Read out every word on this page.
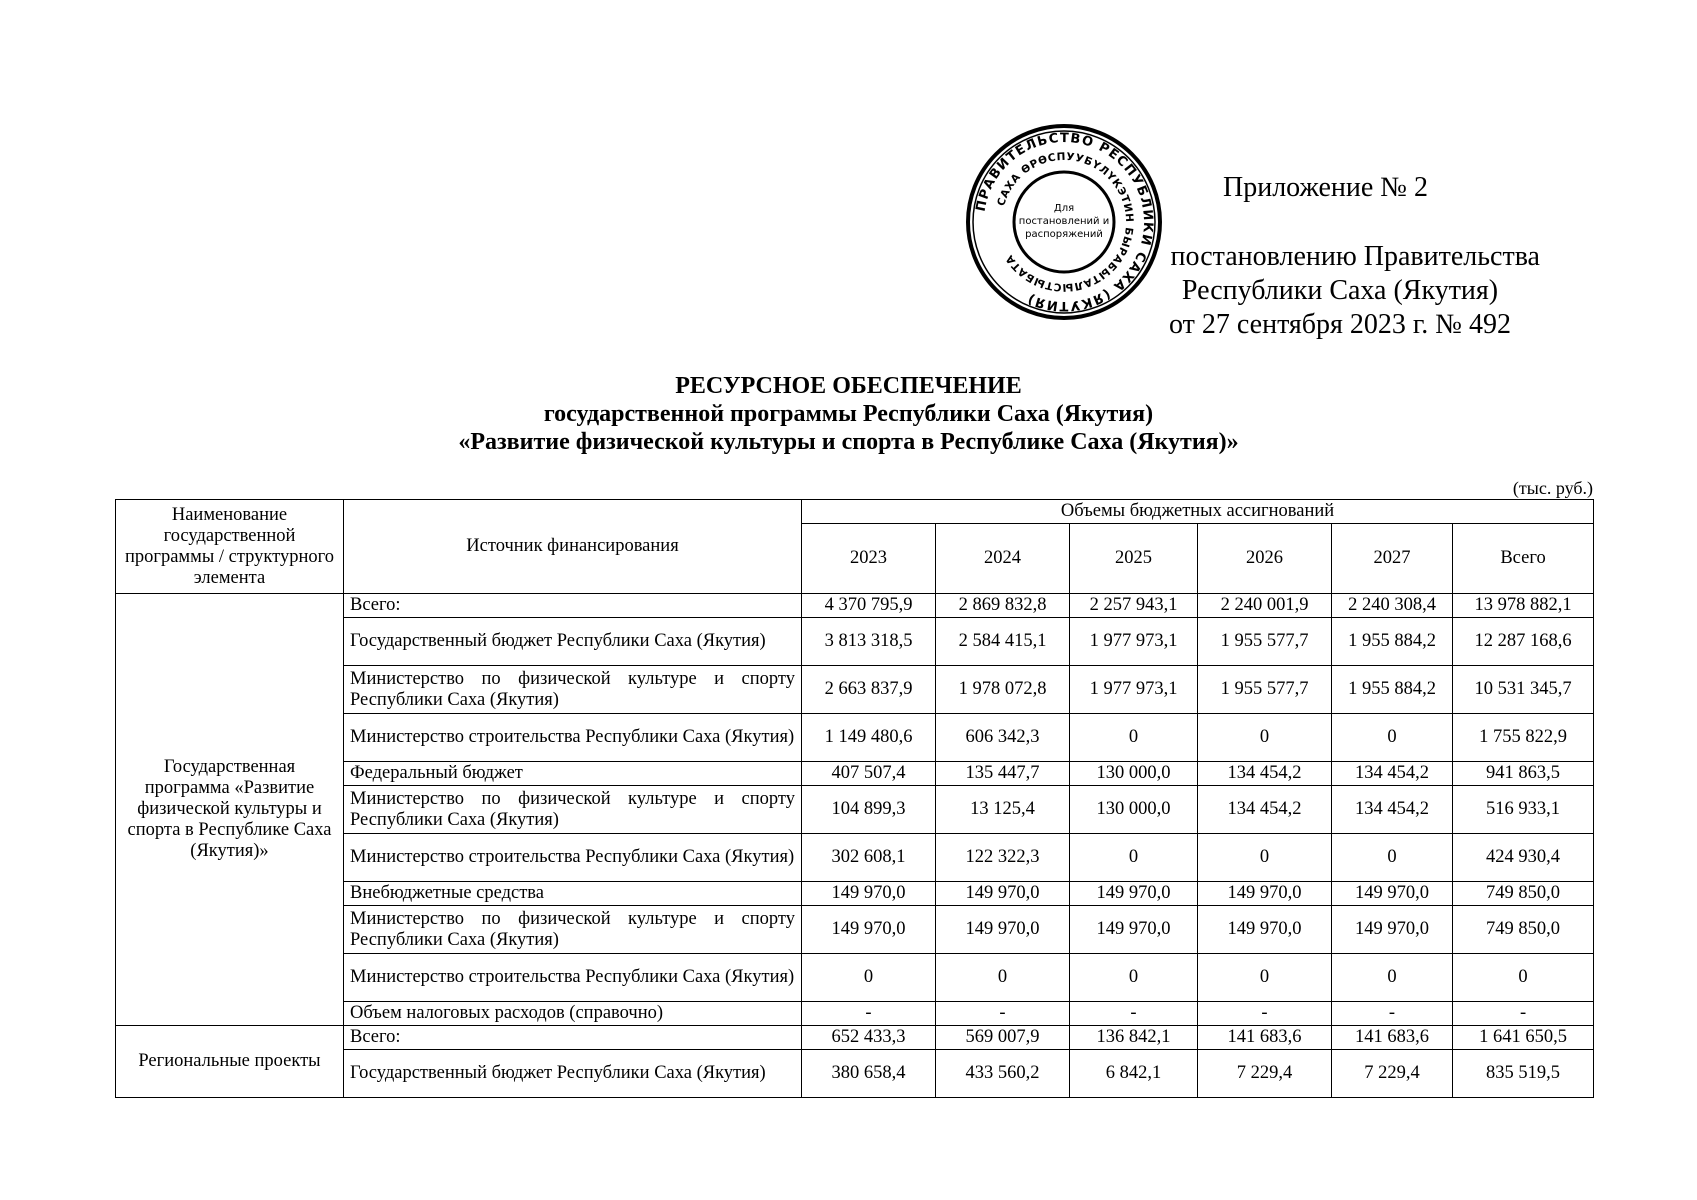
ПРАВИТЕЛЬСТВО РЕСПУБЛИКИ САХА (ЯКУТИЯ)
САХА ӨРӨСПУУБҮЛҮКЭТИН БЫРАБЫТАЛЫСТЫБАТА
Для
постановлений и
распоряжений
Приложение № 2
постановлению Правительства
Республики Саха (Якутия)
от 27 сентября 2023 г. № 492
РЕСУРСНОЕ ОБЕСПЕЧЕНИЕ
государственной программы Республики Саха (Якутия)
«Развитие физической культуры и спорта в Республике Саха (Якутия)»
(тыс. руб.)
Наименование государственной программы / структурного элемента	Источник финансирования	Объемы бюджетных ассигнований					
		2023	2024	2025	2026	2027	Всего
Государственная программа «Развитие физической культуры и спорта в Республике Саха (Якутия)»	Всего:	4 370 795,9	2 869 832,8	2 257 943,1	2 240 001,9	2 240 308,4	13 978 882,1
	Государственный бюджет Республики Саха (Якутия)	3 813 318,5	2 584 415,1	1 977 973,1	1 955 577,7	1 955 884,2	12 287 168,6
	Министерство по физической культуре и спорту Республики Саха (Якутия)	2 663 837,9	1 978 072,8	1 977 973,1	1 955 577,7	1 955 884,2	10 531 345,7
	Министерство строительства Республики Саха (Якутия)	1 149 480,6	606 342,3	0	0	0	1 755 822,9
	Федеральный бюджет	407 507,4	135 447,7	130 000,0	134 454,2	134 454,2	941 863,5
	Министерство по физической культуре и спорту Республики Саха (Якутия)	104 899,3	13 125,4	130 000,0	134 454,2	134 454,2	516 933,1
	Министерство строительства Республики Саха (Якутия)	302 608,1	122 322,3	0	0	0	424 930,4
	Внебюджетные средства	149 970,0	149 970,0	149 970,0	149 970,0	149 970,0	749 850,0
	Министерство по физической культуре и спорту Республики Саха (Якутия)	149 970,0	149 970,0	149 970,0	149 970,0	149 970,0	749 850,0
	Министерство строительства Республики Саха (Якутия)	0	0	0	0	0	0
	Объем налоговых расходов (справочно)	-	-	-	-	-	-
Региональные проекты	Всего:	652 433,3	569 007,9	136 842,1	141 683,6	141 683,6	1 641 650,5
	Государственный бюджет Республики Саха (Якутия)	380 658,4	433 560,2	6 842,1	7 229,4	7 229,4	835 519,5
